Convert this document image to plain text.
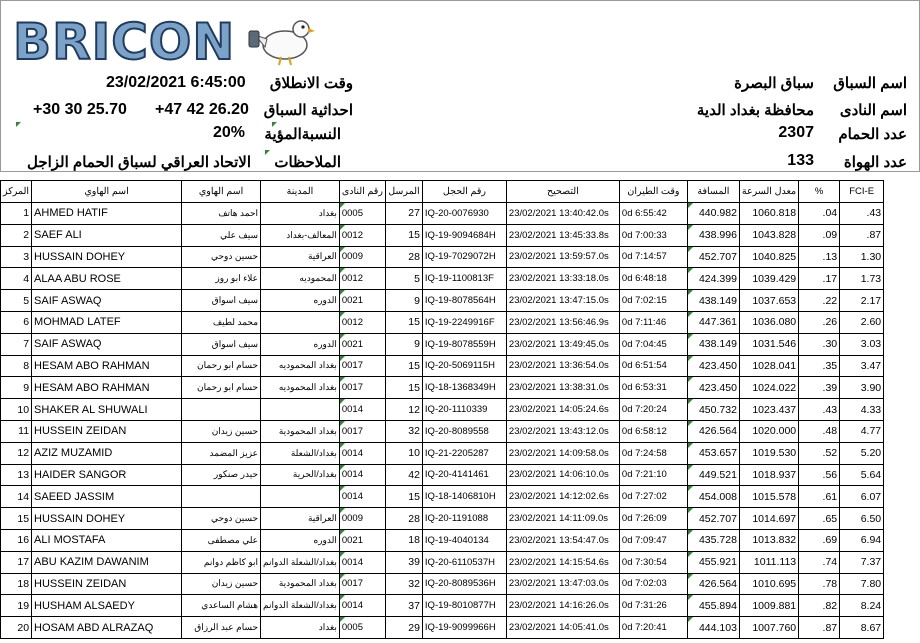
BRICON
اسم السباق
سباق البصرة
اسم النادى
محافظة بغداد الدية
عدد الحمام
2307
عدد الهواة
133
وقت الانطلاق
23/02/2021 6:45:00
احداثية السباق
+30 30 25.70 +47 42 26.20
النسبةالمؤية
20%
الملاحظات
الاتحاد العراقي لسباق الحمام الزاجل
المركز	اسم الهاوي	اسم الهاوي	المدينة	رقم النادى	المرسل	رقم الحجل	التصحيح	وقت الطيران	المسافة	معدل السرعة	%	FCI-E
1	AHMED HATIF	احمد هاتف	بغداد	0005	27	IQ-20-0076930	23/02/2021 13:40:42.0s	0d 6:55:42	440.982	1060.818	.04	.43
2	SAEF ALI	سيف علي	المعالف-بغداد	0012	15	IQ-19-9094684H	23/02/2021 13:45:33.8s	0d 7:00:33	438.996	1043.828	.09	.87
3	HUSSAIN DOHEY	حسين دوحي	العراقية	0009	28	IQ-19-7029072H	23/02/2021 13:59:57.0s	0d 7:14:57	452.707	1040.825	.13	1.30
4	ALAA ABU ROSE	علاء ابو روز	المحموديه	0012	5	IQ-19-1100813F	23/02/2021 13:33:18.0s	0d 6:48:18	424.399	1039.429	.17	1.73
5	SAIF ASWAQ	سيف اسواق	الدوره	0021	9	IQ-19-8078564H	23/02/2021 13:47:15.0s	0d 7:02:15	438.149	1037.653	.22	2.17
6	MOHMAD LATEF	محمد لطيف		0012	15	IQ-19-2249916F	23/02/2021 13:56:46.9s	0d 7:11:46	447.361	1036.080	.26	2.60
7	SAIF ASWAQ	سيف اسواق	الدوره	0021	9	IQ-19-8078559H	23/02/2021 13:49:45.0s	0d 7:04:45	438.149	1031.546	.30	3.03
8	HESAM ABO RAHMAN	حسام ابو رحمان	بغداد المحموديه	0017	15	IQ-20-5069115H	23/02/2021 13:36:54.0s	0d 6:51:54	423.450	1028.041	.35	3.47
9	HESAM ABO RAHMAN	حسام ابو رحمان	بغداد المحموديه	0017	15	IQ-18-1368349H	23/02/2021 13:38:31.0s	0d 6:53:31	423.450	1024.022	.39	3.90
10	SHAKER AL SHUWALI			0014	12	IQ-20-1110339	23/02/2021 14:05:24.6s	0d 7:20:24	450.732	1023.437	.43	4.33
11	HUSSEIN ZEIDAN	حسين زيدان	بغداد المحمودية	0017	32	IQ-20-8089558	23/02/2021 13:43:12.0s	0d 6:58:12	426.564	1020.000	.48	4.77
12	AZIZ MUZAMID	عزيز المضمد	بغداد/الشعلة	0014	10	IQ-21-2205287	23/02/2021 14:09:58.0s	0d 7:24:58	453.657	1019.530	.52	5.20
13	HAIDER SANGOR	حيدر صنكور	بغداد/الحرية	0014	42	IQ-20-4141461	23/02/2021 14:06:10.0s	0d 7:21:10	449.521	1018.937	.56	5.64
14	SAEED JASSIM			0014	15	IQ-18-1406810H	23/02/2021 14:12:02.6s	0d 7:27:02	454.008	1015.578	.61	6.07
15	HUSSAIN DOHEY	حسين دوحي	العراقية	0009	28	IQ-20-1191088	23/02/2021 14:11:09.0s	0d 7:26:09	452.707	1014.697	.65	6.50
16	ALI MOSTAFA	علي مصطفى	الدوره	0021	18	IQ-19-4040134	23/02/2021 13:54:47.0s	0d 7:09:47	435.728	1013.832	.69	6.94
17	ABU KAZIM DAWANIM	ابو كاظم دوانم	بغداد/الشعلة الدوانم	0014	39	IQ-20-6110537H	23/02/2021 14:15:54.6s	0d 7:30:54	455.921	1011.113	.74	7.37
18	HUSSEIN ZEIDAN	حسين زيدان	بغداد المحمودية	0017	32	IQ-20-8089536H	23/02/2021 13:47:03.0s	0d 7:02:03	426.564	1010.695	.78	7.80
19	HUSHAM ALSAEDY	هشام الساعدي	بغداد/الشعلة الدوانم	0014	37	IQ-19-8010877H	23/02/2021 14:16:26.0s	0d 7:31:26	455.894	1009.881	.82	8.24
20	HOSAM ABD ALRAZAQ	حسام عبد الرزاق	بغداد	0005	29	IQ-19-9099966H	23/02/2021 14:05:41.0s	0d 7:20:41	444.103	1007.760	.87	8.67
